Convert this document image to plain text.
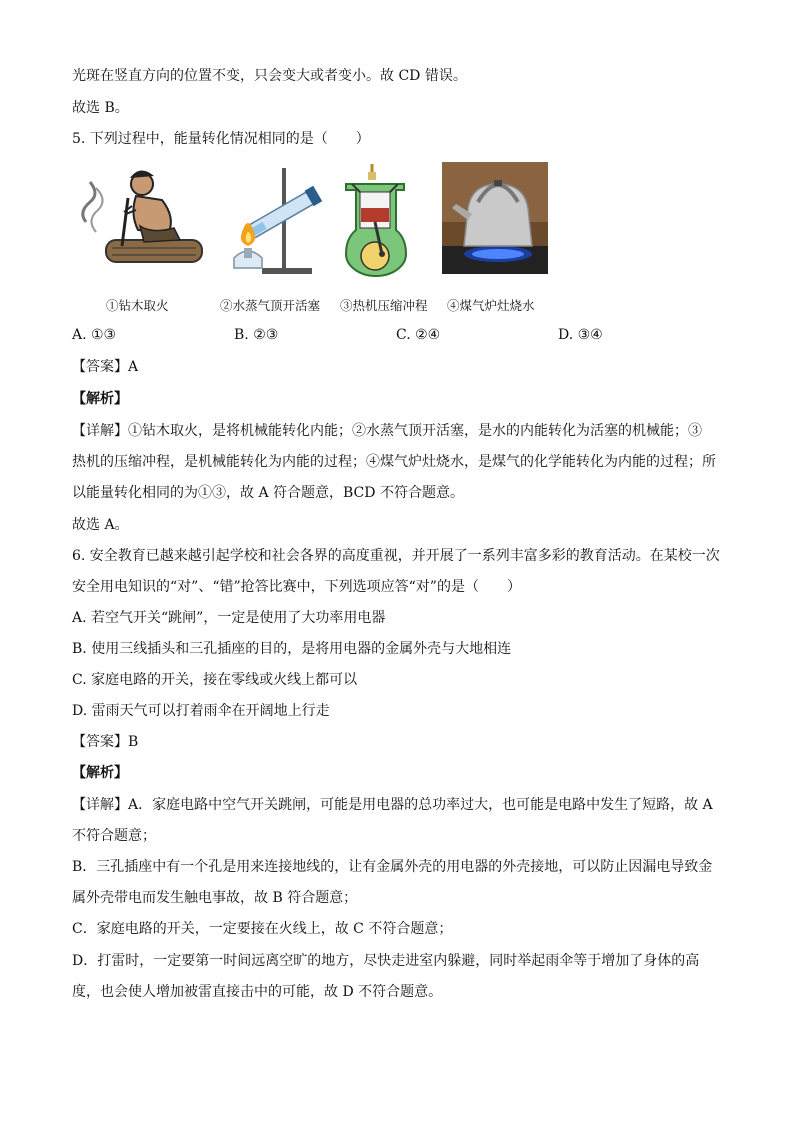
光斑在竖直方向的位置不变，只会变大或者变小。故 CD 错误。
故选 B。
5. 下列过程中，能量转化情况相同的是（　　）
①钻木取火	②水蒸气顶开活塞 ③热机压缩冲程 ④煤气炉灶烧水
A. ①③	B. ②③	C. ②④	D. ③④
【答案】A
【解析】
【详解】①钻木取火，是将机械能转化内能；②水蒸气顶开活塞，是水的内能转化为活塞的机械能；③
热机的压缩冲程，是机械能转化为内能的过程；④煤气炉灶烧水，是煤气的化学能转化为内能的过程；所
以能量转化相同的为①③，故 A 符合题意，BCD 不符合题意。
故选 A。
6. 安全教育已越来越引起学校和社会各界的高度重视，并开展了一系列丰富多彩的教育活动。在某校一次
安全用电知识的“对”、“错”抢答比赛中，下列选项应答“对”的是（　　）
A. 若空气开关“跳闸”，一定是使用了大功率用电器
B. 使用三线插头和三孔插座的目的，是将用电器的金属外壳与大地相连
C. 家庭电路的开关，接在零线或火线上都可以
D. 雷雨天气可以打着雨伞在开阔地上行走
【答案】B
【解析】
【详解】A．家庭电路中空气开关跳闸，可能是用电器的总功率过大，也可能是电路中发生了短路，故 A
不符合题意；
B．三孔插座中有一个孔是用来连接地线的，让有金属外壳的用电器的外壳接地，可以防止因漏电导致金
属外壳带电而发生触电事故，故 B 符合题意；
C．家庭电路的开关，一定要接在火线上，故 C 不符合题意；
D．打雷时，一定要第一时间远离空旷的地方，尽快走进室内躲避，同时举起雨伞等于增加了身体的高
度，也会使人增加被雷直接击中的可能，故 D 不符合题意。
